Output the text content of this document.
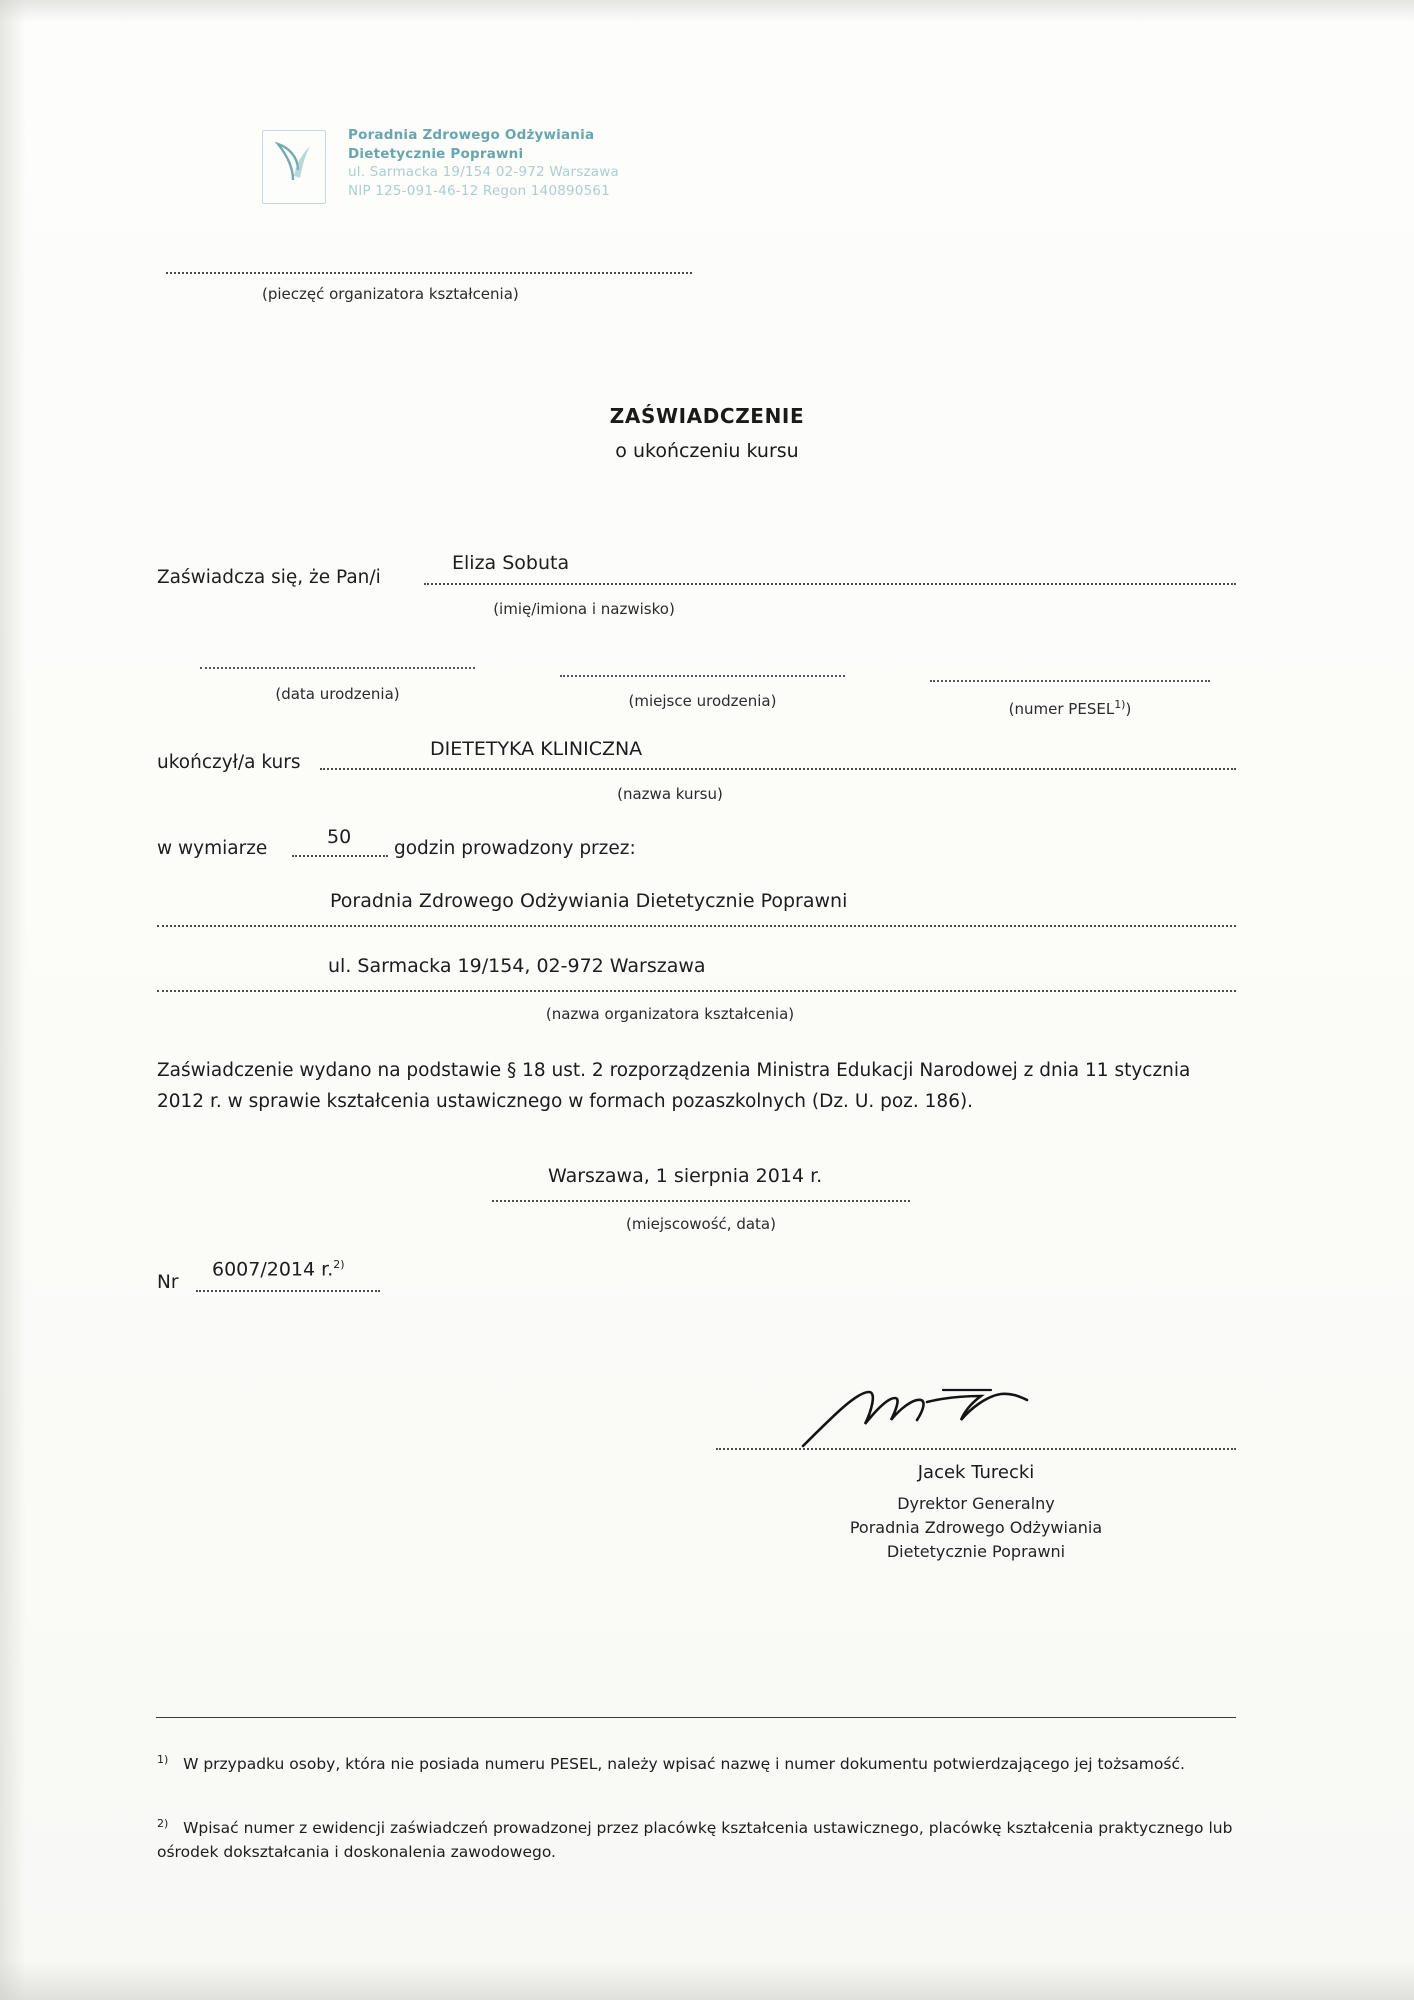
Poradnia Zdrowego Odżywiania
Dietetycznie Poprawni
ul. Sarmacka 19/154 02-972 Warszawa
NIP 125-091-46-12 Regon 140890561
(pieczęć organizatora kształcenia)
ZAŚWIADCZENIE
o ukończeniu kursu
Zaświadcza się, że Pan/i
Eliza Sobuta
(imię/imiona i nazwisko)
(data urodzenia)	(miejsce urodzenia)	(numer PESEL$^{1)}$)
ukończył/a kurs
DIETETYKA KLINICZNA
(nazwa kursu)
w wymiarze
50
godzin prowadzony przez:
Poradnia Zdrowego Odżywiania Dietetycznie Poprawni
ul. Sarmacka 19/154, 02-972 Warszawa
(nazwa organizatora kształcenia)
Zaświadczenie wydano na podstawie § 18 ust. 2 rozporządzenia Ministra Edukacji Narodowej z dnia 11 stycznia 2012 r. w sprawie kształcenia ustawicznego w formach pozaszkolnych (Dz. U. poz. 186).
Warszawa, 1 sierpnia 2014 r.
(miejscowość, data)
Nr
6007/2014 r.$^{2)}$
Jacek Turecki
Dyrektor Generalny
Poradnia Zdrowego Odżywiania
Dietetycznie Poprawni
$^{1)}$ W przypadku osoby, która nie posiada numeru PESEL, należy wpisać nazwę i numer dokumentu potwierdzającego jej tożsamość.
$^{2)}$ Wpisać numer z ewidencji zaświadczeń prowadzonej przez placówkę kształcenia ustawicznego, placówkę kształcenia praktycznego lub ośrodek dokształcania i doskonalenia zawodowego.
